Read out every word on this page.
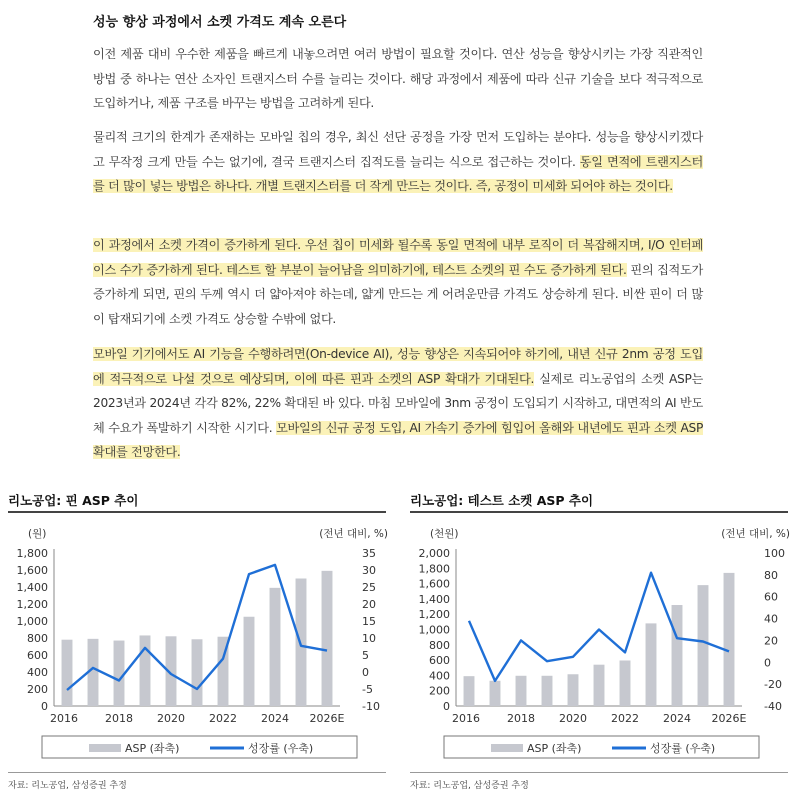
성능 향상 과정에서 소켓 가격도 계속 오른다
이전 제품 대비 우수한 제품을 빠르게 내놓으려면 여러 방법이 필요할 것이다. 연산 성능을 향상시키는 가장 직관적인 방법 중 하나는 연산 소자인 트랜지스터 수를 늘리는 것이다. 해당 과정에서 제품에 따라 신규 기술을 보다 적극적으로 도입하거나, 제품 구조를 바꾸는 방법을 고려하게 된다.
물리적 크기의 한계가 존재하는 모바일 칩의 경우, 최신 선단 공정을 가장 먼저 도입하는 분야다. 성능을 향상시키겠다고 무작정 크게 만들 수는 없기에, 결국 트랜지스터 집적도를 늘리는 식으로 접근하는 것이다. 동일 면적에 트랜지스터를 더 많이 넣는 방법은 하나다. 개별 트랜지스터를 더 작게 만드는 것이다. 즉, 공정이 미세화 되어야 하는 것이다.
이 과정에서 소켓 가격이 증가하게 된다. 우선 칩이 미세화 될수록 동일 면적에 내부 로직이 더 복잡해지며, I/O 인터페이스 수가 증가하게 된다. 테스트 할 부분이 늘어남을 의미하기에, 테스트 소켓의 핀 수도 증가하게 된다. 핀의 집적도가 증가하게 되면, 핀의 두께 역시 더 얇아져야 하는데, 얇게 만드는 게 어려운만큼 가격도 상승하게 된다. 비싼 핀이 더 많이 탑재되기에 소켓 가격도 상승할 수밖에 없다.
모바일 기기에서도 AI 기능을 수행하려면(On-device AI), 성능 향상은 지속되어야 하기에, 내년 신규 2nm 공정 도입에 적극적으로 나설 것으로 예상되며, 이에 따른 핀과 소켓의 ASP 확대가 기대된다. 실제로 리노공업의 소켓 ASP는 2023년과 2024년 각각 82%, 22% 확대된 바 있다. 마침 모바일에 3nm 공정이 도입되기 시작하고, 대면적의 AI 반도체 수요가 폭발하기 시작한 시기다. 모바일의 신규 공정 도입, AI 가속기 증가에 힘입어 올해와 내년에도 핀과 소켓 ASP 확대를 전망한다.
리노공업: 핀 ASP 추이	리노공업: 테스트 소켓 ASP 추이
(원)	(전년 대비, %)
0
200
400
600
800
1,000
1,200
1,400
1,600
1,800
-10
-5
0
5
10
15
20
25
30
35
2016 2018 2020 2022 2024 2026E
ASP (좌축)	성장률 (우축)
(천원)	(전년 대비, %)
0
200
400
600
800
1,000
1,200
1,400
1,600
1,800
2,000
-40
-20
0
20
40
60
80
100
2016 2018 2020 2022 2024 2026E
ASP (좌축)	성장률 (우축)
자료: 리노공업, 삼성증권 추정	자료: 리노공업, 삼성증권 추정
